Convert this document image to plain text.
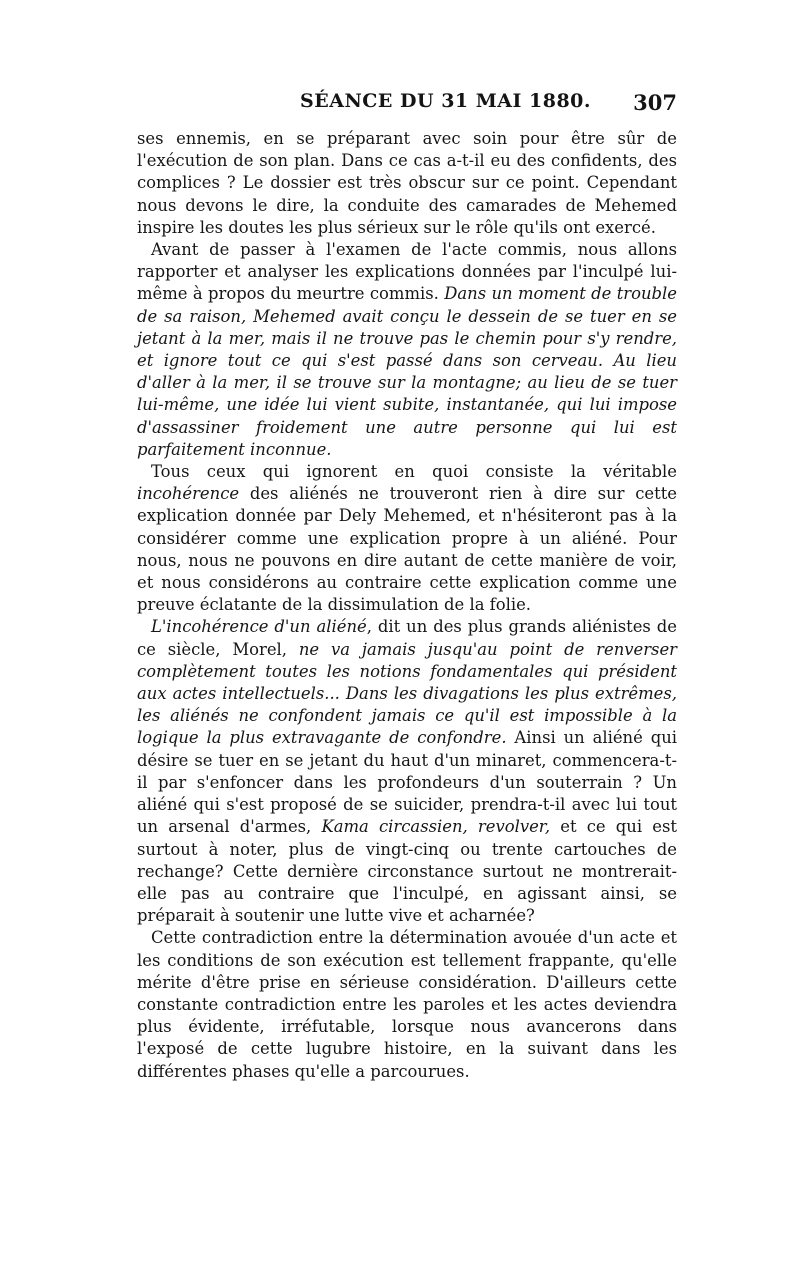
SÉANCE DU 31 MAI 1880. 307

ses ennemis, en se préparant avec soin pour être sûr de l'exécution de son plan. Dans ce cas a-t-il eu des confidents, des complices ? Le dossier est très obscur sur ce point. Cependant nous devons le dire, la conduite des camarades de Mehemed inspire les doutes les plus sérieux sur le rôle qu'ils ont exercé.

Avant de passer à l'examen de l'acte commis, nous allons rapporter et analyser les explications données par l'inculpé lui-même à propos du meurtre commis. Dans un moment de trouble de sa raison, Mehemed avait conçu le dessein de se tuer en se jetant à la mer, mais il ne trouve pas le chemin pour s'y rendre, et ignore tout ce qui s'est passé dans son cerveau. Au lieu d'aller à la mer, il se trouve sur la montagne; au lieu de se tuer lui-même, une idée lui vient subite, instantanée, qui lui impose d'assassiner froidement une autre personne qui lui est parfaitement inconnue.

Tous ceux qui ignorent en quoi consiste la véritable incohérence des aliénés ne trouveront rien à dire sur cette explication donnée par Dely Mehemed, et n'hésiteront pas à la considérer comme une explication propre à un aliéné. Pour nous, nous ne pouvons en dire autant de cette manière de voir, et nous considérons au contraire cette explication comme une preuve éclatante de la dissimulation de la folie.

L'incohérence d'un aliéné, dit un des plus grands aliénistes de ce siècle, Morel, ne va jamais jusqu'au point de renverser complètement toutes les notions fondamentales qui président aux actes intellectuels... Dans les divagations les plus extrêmes, les aliénés ne confondent jamais ce qu'il est impossible à la logique la plus extravagante de confondre. Ainsi un aliéné qui désire se tuer en se jetant du haut d'un minaret, commencera-t-il par s'enfoncer dans les profondeurs d'un souterrain ? Un aliéné qui s'est proposé de se suicider, prendra-t-il avec lui tout un arsenal d'armes, Kama circassien, revolver, et ce qui est surtout à noter, plus de vingt-cinq ou trente cartouches de rechange? Cette dernière circonstance surtout ne montrerait-elle pas au contraire que l'inculpé, en agissant ainsi, se préparait à soutenir une lutte vive et acharnée?

Cette contradiction entre la détermination avouée d'un acte et les conditions de son exécution est tellement frappante, qu'elle mérite d'être prise en sérieuse considération. D'ailleurs cette constante contradiction entre les paroles et les actes deviendra plus évidente, irréfutable, lorsque nous avancerons dans l'exposé de cette lugubre histoire, en la suivant dans les différentes phases qu'elle a parcourues.
